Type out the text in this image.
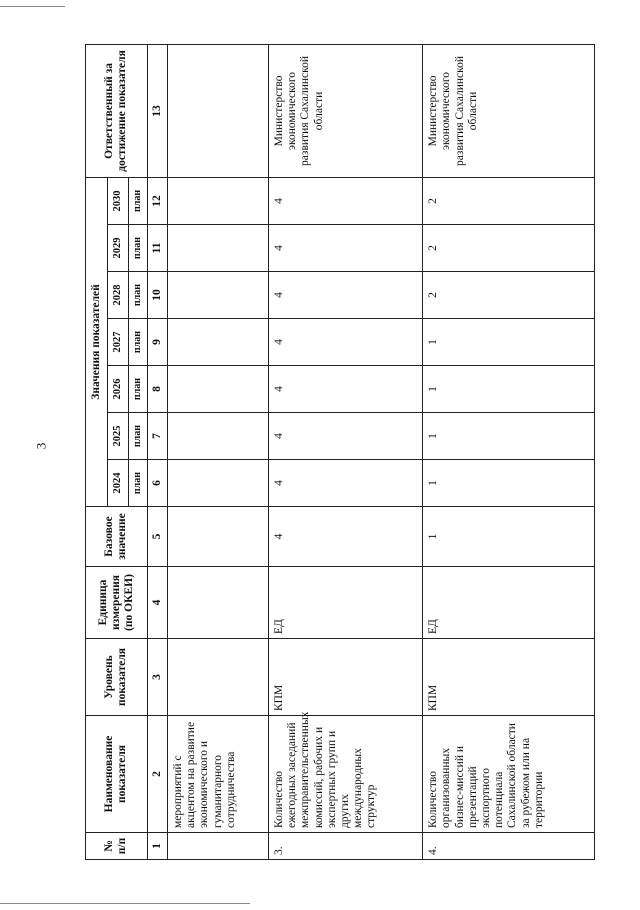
3
№ п/п	Наименование показателя	Уровень показателя	Единица измерения (по ОКЕИ)	Базовое значение	Значения показателей							Ответственный за достижение показателя
					2024	2025	2026	2027	2028	2029	2030	
					план	план	план	план	план	план	план	
1	2	3	4	5	6	7	8	9	10	11	12	13
	мероприятий с акцентом на развитие экономического и гуманитарного сотрудничества											
3.	Количество ежегодных заседаний межправительственных комиссий, рабочих и экспертных групп и других международных структур	КПМ	ЕД	4	4	4	4	4	4	4	4	Министерство экономического развития Сахалинской области
4.	Количество организованных бизнес-миссий и презентаций экспортного потенциала Сахалинской области за рубежом или на территории	КПМ	ЕД	1	1	1	1	1	2	2	2	Министерство экономического развития Сахалинской области
